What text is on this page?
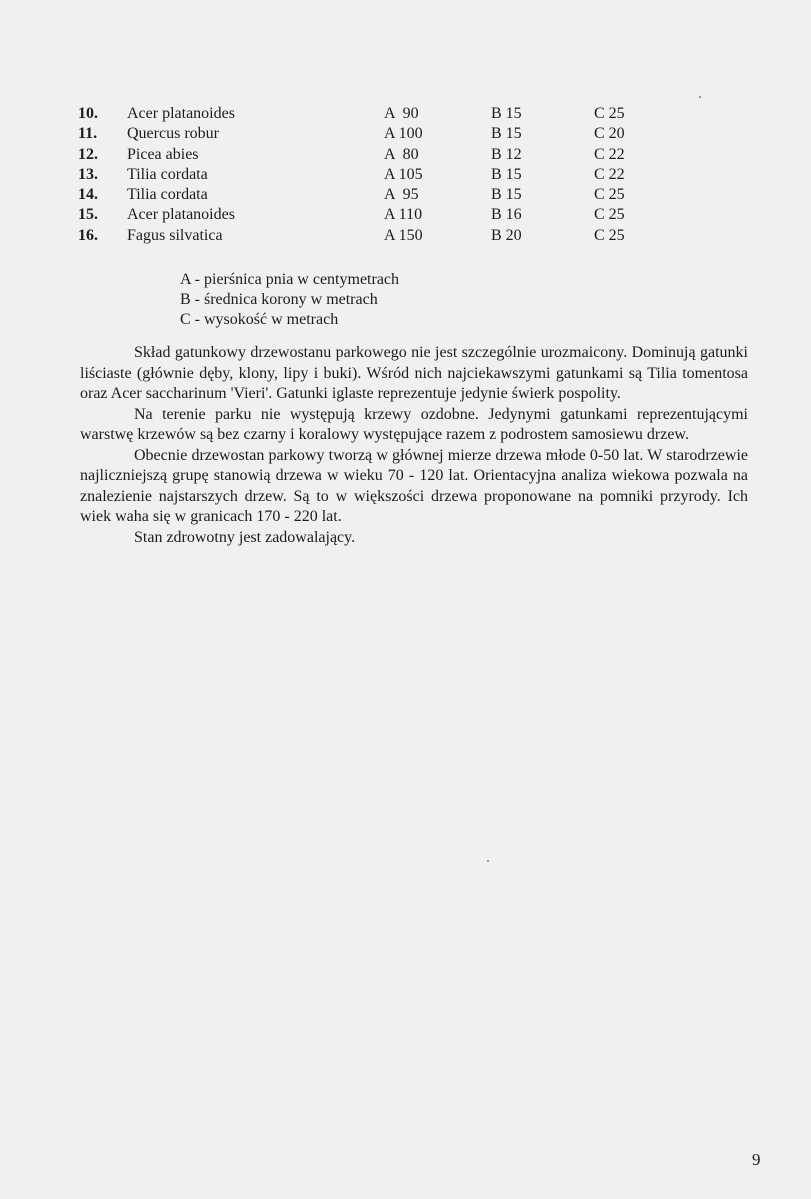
10.	Acer platanoides	A  90	B 15	C 25
11.	Quercus robur	A 100	B 15	C 20
12.	Picea abies	A  80	B 12	C 22
13.	Tilia cordata	A 105	B 15	C 22
14.	Tilia cordata	A  95	B 15	C 25
15.	Acer platanoides	A 110	B 16	C 25
16.	Fagus silvatica	A 150	B 20	C 25
A - pierśnica pnia w centymetrach
B - średnica korony w metrach
C - wysokość w metrach

Skład gatunkowy drzewostanu parkowego nie jest szczególnie urozmaicony. Dominują gatunki liściaste (głównie dęby, klony, lipy i buki). Wśród nich najciekawszymi gatunkami są Tilia tomentosa oraz Acer saccharinum 'Vieri'. Gatunki iglaste reprezentuje jedynie świerk pospolity.

Na terenie parku nie występują krzewy ozdobne. Jedynymi gatunkami reprezentującymi warstwę krzewów są bez czarny i koralowy występujące razem z podrostem samosiewu drzew.

Obecnie drzewostan parkowy tworzą w głównej mierze drzewa młode 0-50 lat. W starodrzewie najliczniejszą grupę stanowią drzewa w wieku 70 - 120 lat. Orientacyjna analiza wiekowa pozwala na znalezienie najstarszych drzew. Są to w większości drzewa proponowane na pomniki przyrody. Ich wiek waha się w granicach 170 - 220 lat.

Stan zdrowotny jest zadowalający.

9
